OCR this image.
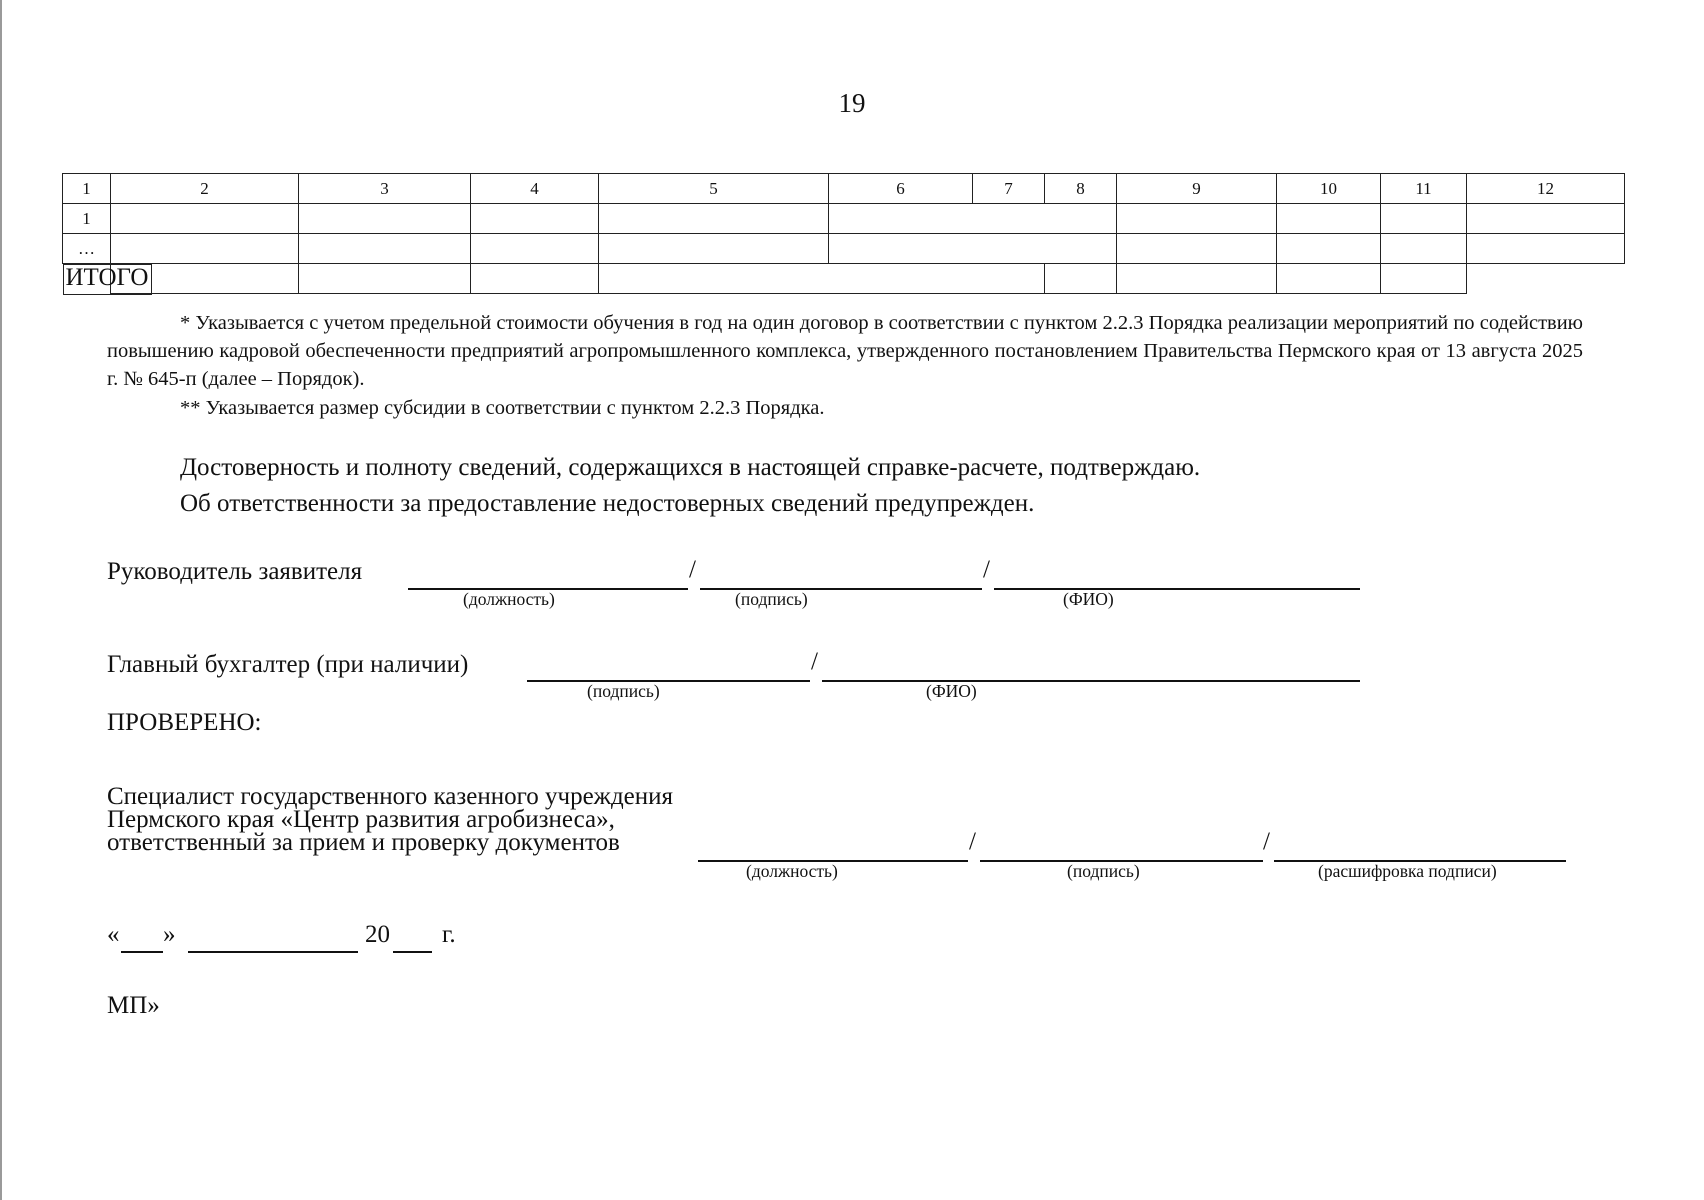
19
1	2	3	4	5	6	7	8	9	10	11	12
1											
…											

ИТОГО

* Указывается с учетом предельной стоимости обучения в год на один договор в соответствии с пунктом 2.2.3 Порядка реализации мероприятий по содействию повышению кадровой обеспеченности предприятий агропромышленного комплекса, утвержденного постановлением Правительства Пермского края от 13 августа 2025 г. № 645-п (далее – Порядок).
** Указывается размер субсидии в соответствии с пунктом 2.2.3 Порядка.
Достоверность и полноту сведений, содержащихся в настоящей справке-расчете, подтверждаю.
Об ответственности за предоставление недостоверных сведений предупрежден.
Руководитель заявителя	/	/
(должность)	(подпись)	(ФИО)
Главный бухгалтер (при наличии)	/
(подпись)	(ФИО)
ПРОВЕРЕНО:
Специалист государственного казенного учреждения
Пермского края «Центр развития агробизнеса»,
ответственный за прием и проверку документов	/	/
(должность)	(подпись)	(расшифровка подписи)
« »	20 г.
МП»
